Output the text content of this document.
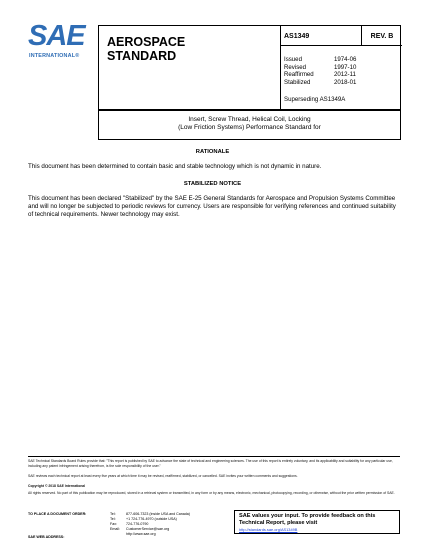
SAE
INTERNATIONAL®
AEROSPACE
STANDARD
AS1349	REV. B
Issued	1974-06
Revised	1997-10
Reaffirmed	2012-11
Stabilized	2018-01
Superseding AS1349A
Insert, Screw Thread, Helical Coil, Locking
(Low Friction Systems) Performance Standard for
RATIONALE
This document has been determined to contain basic and stable technology which is not dynamic in nature.
STABILIZED NOTICE
This document has been declared "Stabilized" by the SAE E-25 General Standards for Aerospace and Propulsion Systems Committee and will no longer be subjected to periodic reviews for currency. Users are responsible for verifying references and continued suitability of technical requirements. Newer technology may exist.
SAE Technical Standards Board Rules provide that: "This report is published by SAE to advance the state of technical and engineering sciences. The use of this report is entirely voluntary, and its applicability and suitability for any particular use, including any patent infringement arising therefrom, is the sole responsibility of the user."
SAE reviews each technical report at least every five years at which time it may be revised, reaffirmed, stabilized, or cancelled. SAE invites your written comments and suggestions.
Copyright © 2018 SAE International
All rights reserved. No part of this publication may be reproduced, stored in a retrieval system or transmitted, in any form or by any means, electronic, mechanical, photocopying, recording, or otherwise, without the prior written permission of SAE.
TO PLACE A DOCUMENT ORDER:	Tel:	877-606-7323 (inside USA and Canada)
Tel:	+1 724-776-4970 (outside USA)
Fax:	724-776-0790
Email:	CustomerService@sae.org
http://www.sae.org
SAE values your input. To provide feedback on this
Technical Report, please visit
http://standards.sae.org/AS1349B
SAE WEB ADDRESS:
